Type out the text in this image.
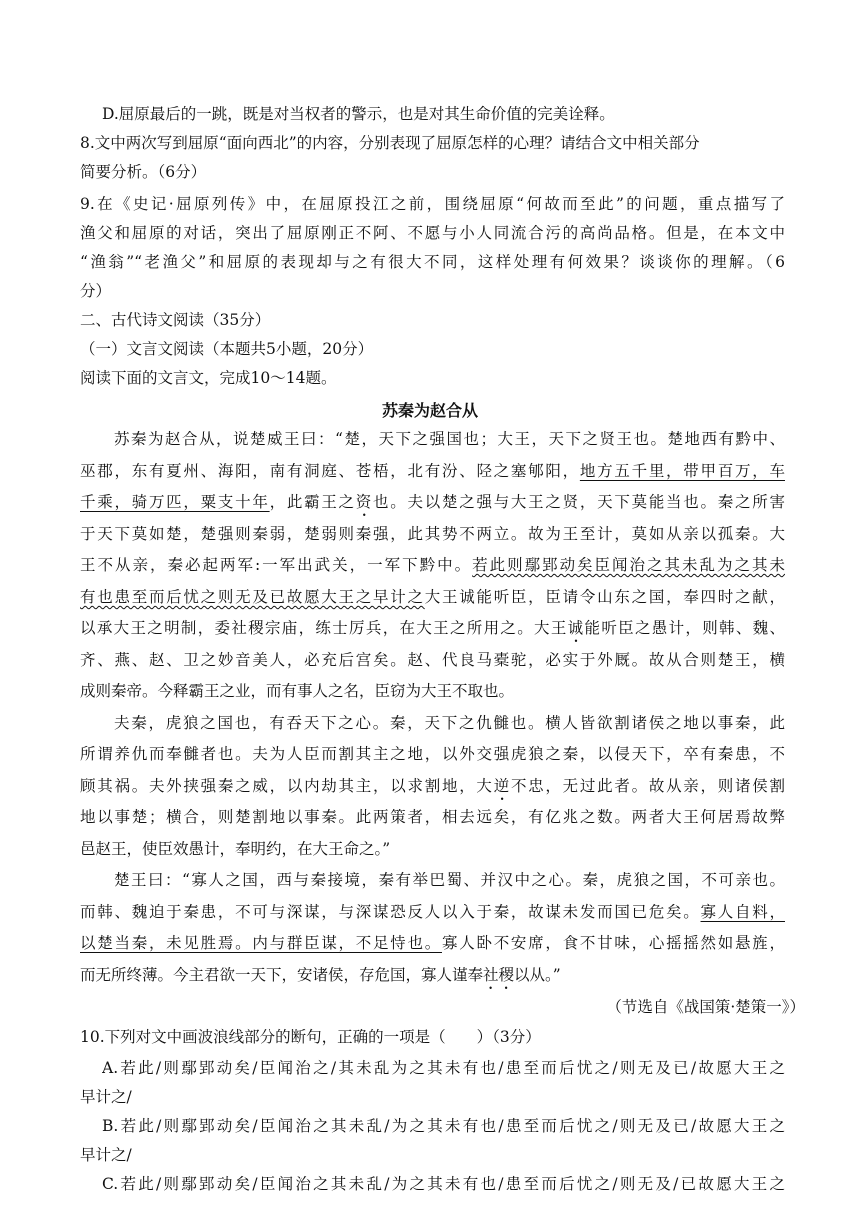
D.屈原最后的一跳，既是对当权者的警示，也是对其生命价值的完美诠释。
8.文中两次写到屈原“面向西北”的内容，分别表现了屈原怎样的心理？请结合文中相关部分
简要分析。（6分）
9.在《史记·屈原列传》中，在屈原投江之前，围绕屈原“何故而至此”的问题，重点描写了
渔父和屈原的对话，突出了屈原刚正不阿、不愿与小人同流合污的高尚品格。但是，在本文中
“渔翁”“老渔父”和屈原的表现却与之有很大不同，这样处理有何效果？谈谈你的理解。（6
分）
二、古代诗文阅读（35分）
（一）文言文阅读（本题共5小题，20分）
阅读下面的文言文，完成10～14题。
苏秦为赵合从
苏秦为赵合从，说楚威王曰：“楚，天下之强国也；大王，天下之贤王也。楚地西有黔中、
巫郡，东有夏州、海阳，南有洞庭、苍梧，北有汾、陉之塞郇阳，地方五千里，带甲百万，车
千乘，骑万匹，粟支十年，此霸王之资也。夫以楚之强与大王之贤，天下莫能当也。秦之所害
于天下莫如楚，楚强则秦弱，楚弱则秦强，此其势不两立。故为王至计，莫如从亲以孤秦。大
王不从亲，秦必起两军:一军出武关，一军下黔中。若此则鄢郢动矣臣闻治之其未乱为之其未
有也患至而后忧之则无及已故愿大王之早计之大王诚能听臣，臣请令山东之国，奉四时之献，
以承大王之明制，委社稷宗庙，练士厉兵，在大王之所用之。大王诚能听臣之愚计，则韩、魏、
齐、燕、赵、卫之妙音美人，必充后宫矣。赵、代良马橐驼，必实于外厩。故从合则楚王，横
成则秦帝。今释霸王之业，而有事人之名，臣窃为大王不取也。
夫秦，虎狼之国也，有吞天下之心。秦，天下之仇雠也。横人皆欲割诸侯之地以事秦，此
所谓养仇而奉雠者也。夫为人臣而割其主之地，以外交强虎狼之秦，以侵天下，卒有秦患，不
顾其祸。夫外挟强秦之威，以内劫其主，以求割地，大逆不忠，无过此者。故从亲，则诸侯割
地以事楚；横合，则楚割地以事秦。此两策者，相去远矣，有亿兆之数。两者大王何居焉故弊
邑赵王，使臣效愚计，奉明约，在大王命之。”
楚王曰：“寡人之国，西与秦接境，秦有举巴蜀、并汉中之心。秦，虎狼之国，不可亲也。
而韩、魏迫于秦患，不可与深谋，与深谋恐反人以入于秦，故谋未发而国已危矣。寡人自料，
以楚当秦，未见胜焉。内与群臣谋，不足恃也。寡人卧不安席，食不甘味，心摇摇然如悬旌，
而无所终薄。今主君欲一天下，安诸侯，存危国，寡人谨奉社稷以从。”
（节选自《战国策·楚策一》）
10.下列对文中画波浪线部分的断句，正确的一项是（　　）（3分）
A.若此/则鄢郢动矣/臣闻治之/其未乱为之其未有也/患至而后忧之/则无及已/故愿大王之
早计之/
B.若此/则鄢郢动矣/臣闻治之其未乱/为之其未有也/患至而后忧之/则无及已/故愿大王之
早计之/
C.若此/则鄢郢动矣/臣闻治之其未乱/为之其未有也/患至而后忧之/则无及/已故愿大王之
